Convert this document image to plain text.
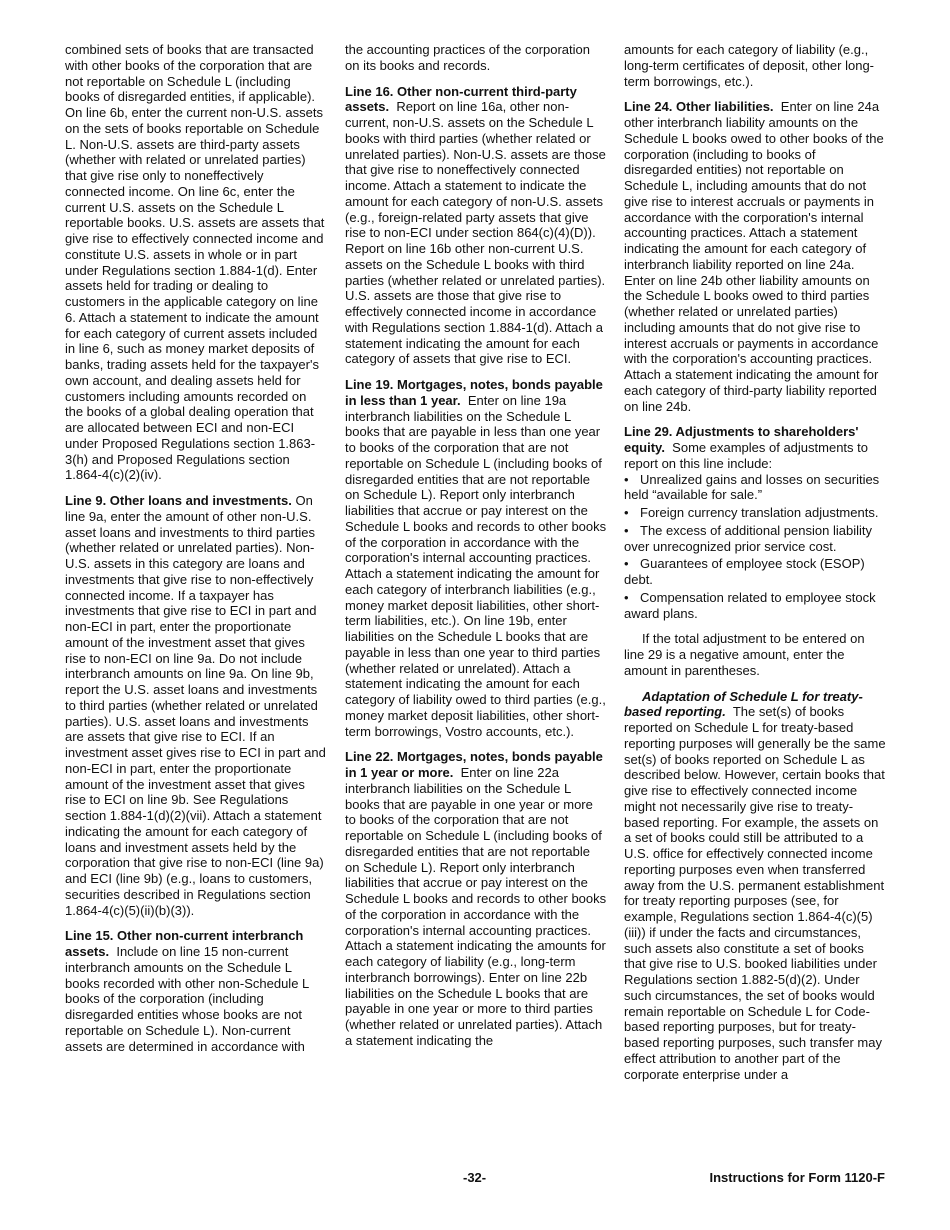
combined sets of books that are transacted with other books of the corporation that are not reportable on Schedule L (including books of disregarded entities, if applicable). On line 6b, enter the current non-U.S. assets on the sets of books reportable on Schedule L. Non-U.S. assets are third-party assets (whether with related or unrelated parties) that give rise only to noneffectively connected income. On line 6c, enter the current U.S. assets on the Schedule L reportable books. U.S. assets are assets that give rise to effectively connected income and constitute U.S. assets in whole or in part under Regulations section 1.884-1(d). Enter assets held for trading or dealing to customers in the applicable category on line 6. Attach a statement to indicate the amount for each category of current assets included in line 6, such as money market deposits of banks, trading assets held for the taxpayer's own account, and dealing assets held for customers including amounts recorded on the books of a global dealing operation that are allocated between ECI and non-ECI under Proposed Regulations section 1.863-3(h) and Proposed Regulations section 1.864-4(c)(2)(iv).

Line 9. Other loans and investments. On line 9a, enter the amount of other non-U.S. asset loans and investments to third parties (whether related or unrelated parties). Non-U.S. assets in this category are loans and investments that give rise to non-effectively connected income. If a taxpayer has investments that give rise to ECI in part and non-ECI in part, enter the proportionate amount of the investment asset that gives rise to non-ECI on line 9a. Do not include interbranch amounts on line 9a. On line 9b, report the U.S. asset loans and investments to third parties (whether related or unrelated parties). U.S. asset loans and investments are assets that give rise to ECI. If an investment asset gives rise to ECI in part and non-ECI in part, enter the proportionate amount of the investment asset that gives rise to ECI on line 9b. See Regulations section 1.884-1(d)(2)(vii). Attach a statement indicating the amount for each category of loans and investment assets held by the corporation that give rise to non-ECI (line 9a) and ECI (line 9b) (e.g., loans to customers, securities described in Regulations section 1.864-4(c)(5)(ii)(b)(3)).

Line 15. Other non-current interbranch assets. Include on line 15 non-current interbranch amounts on the Schedule L books recorded with other non-Schedule L books of the corporation (including disregarded entities whose books are not reportable on Schedule L). Non-current assets are determined in accordance with

the accounting practices of the corporation on its books and records.

Line 16. Other non-current third-party assets. Report on line 16a, other non-current, non-U.S. assets on the Schedule L books with third parties (whether related or unrelated parties). Non-U.S. assets are those that give rise to noneffectively connected income. Attach a statement to indicate the amount for each category of non-U.S. assets (e.g., foreign-related party assets that give rise to non-ECI under section 864(c)(4)(D)). Report on line 16b other non-current U.S. assets on the Schedule L books with third parties (whether related or unrelated parties). U.S. assets are those that give rise to effectively connected income in accordance with Regulations section 1.884-1(d). Attach a statement indicating the amount for each category of assets that give rise to ECI.

Line 19. Mortgages, notes, bonds payable in less than 1 year. Enter on line 19a interbranch liabilities on the Schedule L books that are payable in less than one year to books of the corporation that are not reportable on Schedule L (including books of disregarded entities that are not reportable on Schedule L). Report only interbranch liabilities that accrue or pay interest on the Schedule L books and records to other books of the corporation in accordance with the corporation's internal accounting practices. Attach a statement indicating the amount for each category of interbranch liabilities (e.g., money market deposit liabilities, other short-term liabilities, etc.). On line 19b, enter liabilities on the Schedule L books that are payable in less than one year to third parties (whether related or unrelated). Attach a statement indicating the amount for each category of liability owed to third parties (e.g., money market deposit liabilities, other short-term borrowings, Vostro accounts, etc.).

Line 22. Mortgages, notes, bonds payable in 1 year or more. Enter on line 22a interbranch liabilities on the Schedule L books that are payable in one year or more to books of the corporation that are not reportable on Schedule L (including books of disregarded entities that are not reportable on Schedule L). Report only interbranch liabilities that accrue or pay interest on the Schedule L books and records to other books of the corporation in accordance with the corporation's internal accounting practices. Attach a statement indicating the amounts for each category of liability (e.g., long-term interbranch borrowings). Enter on line 22b liabilities on the Schedule L books that are payable in one year or more to third parties (whether related or unrelated parties). Attach a statement indicating the

amounts for each category of liability (e.g., long-term certificates of deposit, other long-term borrowings, etc.).

Line 24. Other liabilities. Enter on line 24a other interbranch liability amounts on the Schedule L books owed to other books of the corporation (including to books of disregarded entities) not reportable on Schedule L, including amounts that do not give rise to interest accruals or payments in accordance with the corporation's internal accounting practices. Attach a statement indicating the amount for each category of interbranch liability reported on line 24a. Enter on line 24b other liability amounts on the Schedule L books owed to third parties (whether related or unrelated parties) including amounts that do not give rise to interest accruals or payments in accordance with the corporation's accounting practices. Attach a statement indicating the amount for each category of third-party liability reported on line 24b.

Line 29. Adjustments to shareholders' equity. Some examples of adjustments to report on this line include:

• Unrealized gains and losses on securities held “available for sale.”
• Foreign currency translation adjustments.
• The excess of additional pension liability over unrecognized prior service cost.
• Guarantees of employee stock (ESOP) debt.
• Compensation related to employee stock award plans.

If the total adjustment to be entered on line 29 is a negative amount, enter the amount in parentheses.

Adaptation of Schedule L for treaty-based reporting. The set(s) of books reported on Schedule L for treaty-based reporting purposes will generally be the same set(s) of books reported on Schedule L as described below. However, certain books that give rise to effectively connected income might not necessarily give rise to treaty-based reporting. For example, the assets on a set of books could still be attributed to a U.S. office for effectively connected income reporting purposes even when transferred away from the U.S. permanent establishment for treaty reporting purposes (see, for example, Regulations section 1.864-4(c)(5)(iii)) if under the facts and circumstances, such assets also constitute a set of books that give rise to U.S. booked liabilities under Regulations section 1.882-5(d)(2). Under such circumstances, the set of books would remain reportable on Schedule L for Code-based reporting purposes, but for treaty-based reporting purposes, such transfer may effect attribution to another part of the corporate enterprise under a

-32-	Instructions for Form 1120-F
